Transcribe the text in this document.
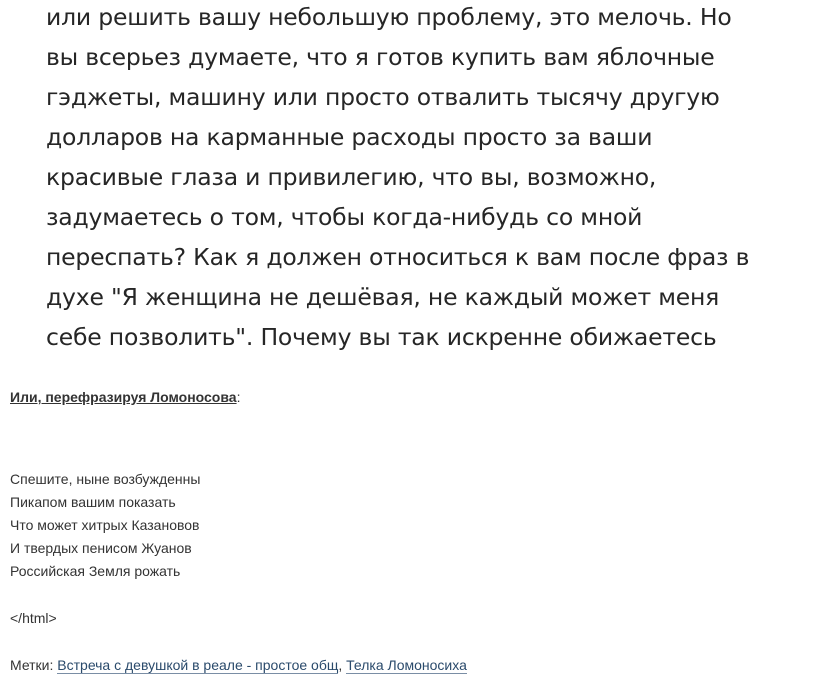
или решить вашу небольшую проблему, это мелочь. Но
вы всерьез думаете, что я готов купить вам яблочные
гэджеты, машину или просто отвалить тысячу другую
долларов на карманные расходы просто за ваши
красивые глаза и привилегию, что вы, возможно,
задумаетесь о том, чтобы когда-нибудь со мной
переспать? Как я должен относиться к вам после фраз в
духе "Я женщина не дешёвая, не каждый может меня
себе позволить". Почему вы так искренне обижаетесь
Или, перефразируя Ломоносова:
Спешите, ныне возбужденны
Пикапом вашим показать
Что может хитрых Казановов
И твердых пенисом Жуанов
Российская Земля рожать
</html>
Метки: Встреча с девушкой в реале - простое общ, Телка Ломоносиха
